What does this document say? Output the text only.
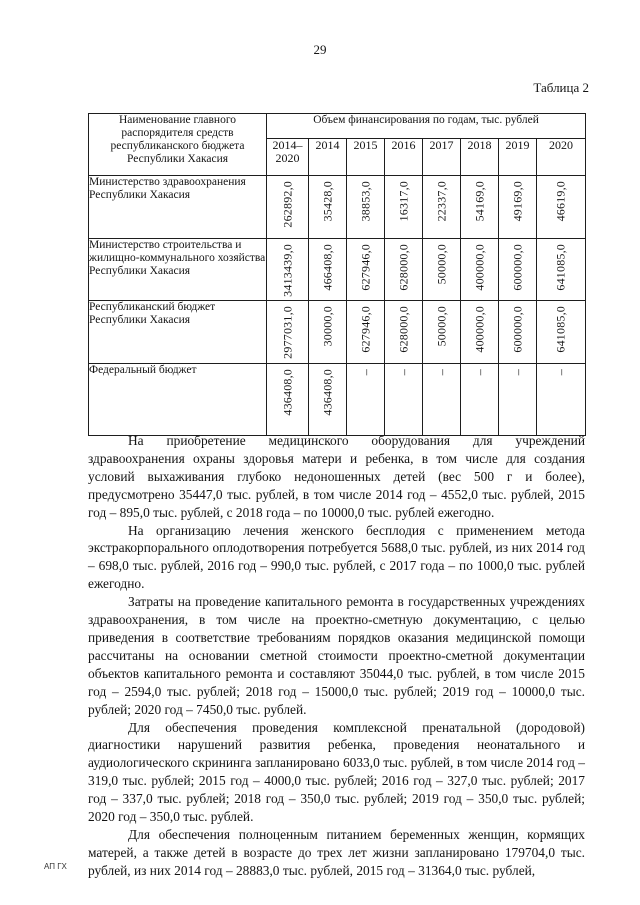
29
Таблица 2
Наименование главного распорядителя средств республиканского бюджета Республики Хакасия	Объем финансирования по годам, тыс. рублей							
	2014–2020	2014	2015	2016	2017	2018	2019	2020
Министерство здравоохранения Республики Хакасия	262892,0	35428,0	38853,0	16317,0	22337,0	54169,0	49169,0	46619,0

Министерство строительства и жилищно-коммунального хозяйства Республики Хакасия	3413439,0	466408,0	627946,0	628000,0	50000,0	400000,0	600000,0	641085,0

Республиканский бюджет Республики Хакасия	2977031,0	30000,0	627946,0	628000,0	50000,0	400000,0	600000,0	641085,0

Федеральный бюджет	436408,0	436408,0	–	–	–	–	–	–

На приобретение медицинского оборудования для учреждений здравоохранения охраны здоровья матери и ребенка, в том числе для создания условий выхаживания глубоко недоношенных детей (вес 500 г и более), предусмотрено 35447,0 тыс. рублей, в том числе 2014 год – 4552,0 тыс. рублей, 2015 год – 895,0 тыс. рублей, с 2018 года – по 10000,0 тыс. рублей ежегодно.

На организацию лечения женского бесплодия с применением метода экстракорпорального оплодотворения потребуется 5688,0 тыс. рублей, из них 2014 год – 698,0 тыс. рублей, 2016 год – 990,0 тыс. рублей, с 2017 года – по 1000,0 тыс. рублей ежегодно.

Затраты на проведение капитального ремонта в государственных учреждениях здравоохранения, в том числе на проектно-сметную документацию, с целью приведения в соответствие требованиям порядков оказания медицинской помощи рассчитаны на основании сметной стоимости проектно-сметной документации объектов капитального ремонта и составляют 35044,0 тыс. рублей, в том числе 2015 год – 2594,0 тыс. рублей; 2018 год – 15000,0 тыс. рублей; 2019 год – 10000,0 тыс. рублей; 2020 год – 7450,0 тыс. рублей.

Для обеспечения проведения комплексной пренатальной (дородовой) диагностики нарушений развития ребенка, проведения неонатального и аудиологического скрининга запланировано 6033,0 тыс. рублей, в том числе 2014 год – 319,0 тыс. рублей; 2015 год – 4000,0 тыс. рублей; 2016 год – 327,0 тыс. рублей; 2017 год – 337,0 тыс. рублей; 2018 год – 350,0 тыс. рублей; 2019 год – 350,0 тыс. рублей; 2020 год – 350,0 тыс. рублей.

Для обеспечения полноценным питанием беременных женщин, кормящих матерей, а также детей в возрасте до трех лет жизни запланировано 179704,0 тыс. рублей, из них 2014 год – 28883,0 тыс. рублей, 2015 год – 31364,0 тыс. рублей,

АП ГХ
